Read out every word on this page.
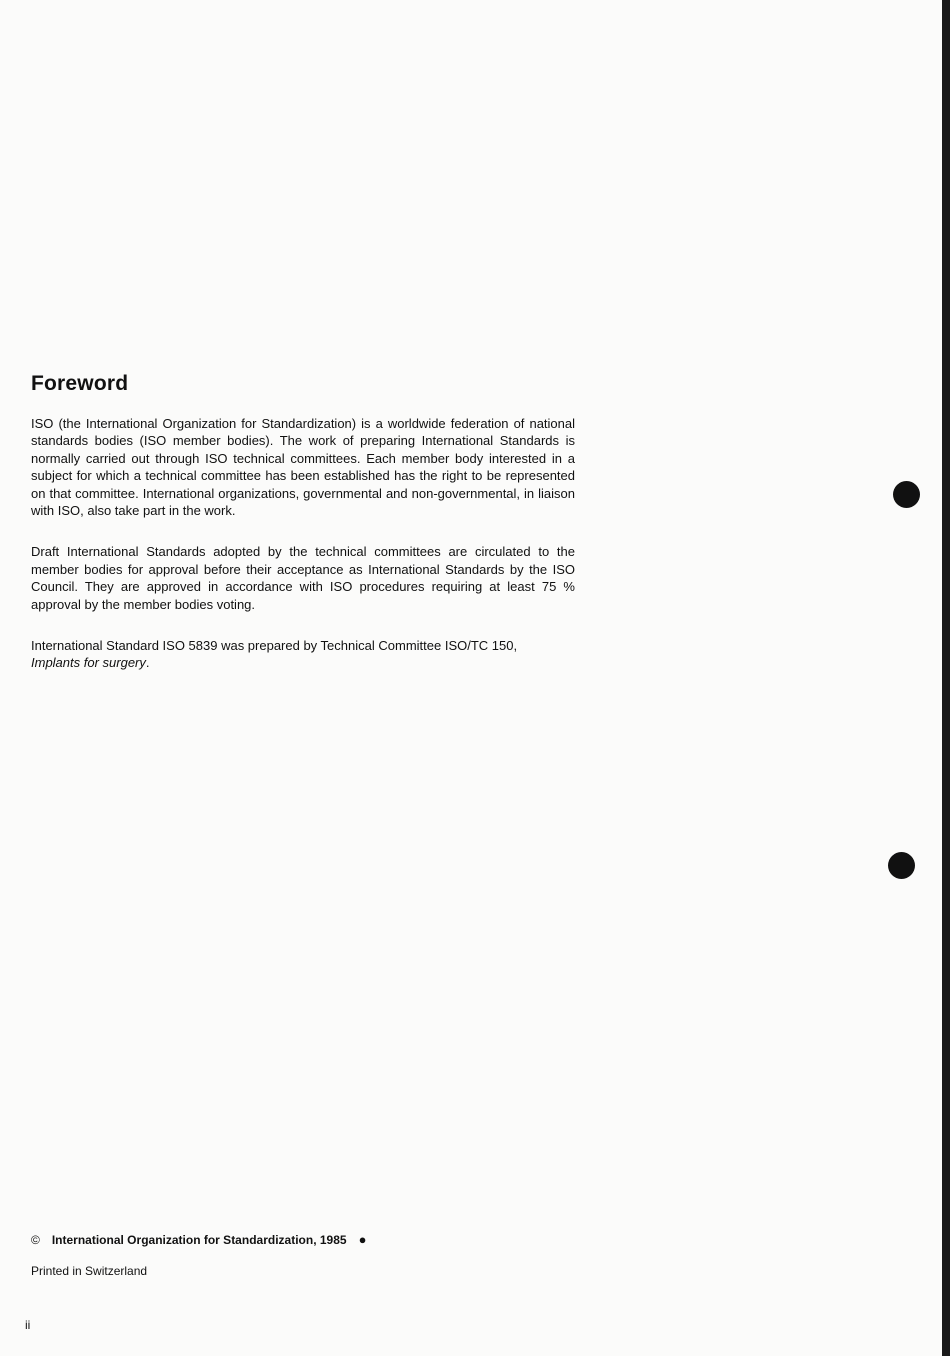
Foreword

ISO (the International Organization for Standardization) is a worldwide federation of national standards bodies (ISO member bodies). The work of preparing International Standards is normally carried out through ISO technical committees. Each member body interested in a subject for which a technical committee has been established has the right to be represented on that committee. International organizations, governmental and non-governmental, in liaison with ISO, also take part in the work.

Draft International Standards adopted by the technical committees are circulated to the member bodies for approval before their acceptance as International Standards by the ISO Council. They are approved in accordance with ISO procedures requiring at least 75 % approval by the member bodies voting.

International Standard ISO 5839 was prepared by Technical Committee ISO/TC 150,
Implants for surgery.

© International Organization for Standardization, 1985 ●
Printed in Switzerland
ii
